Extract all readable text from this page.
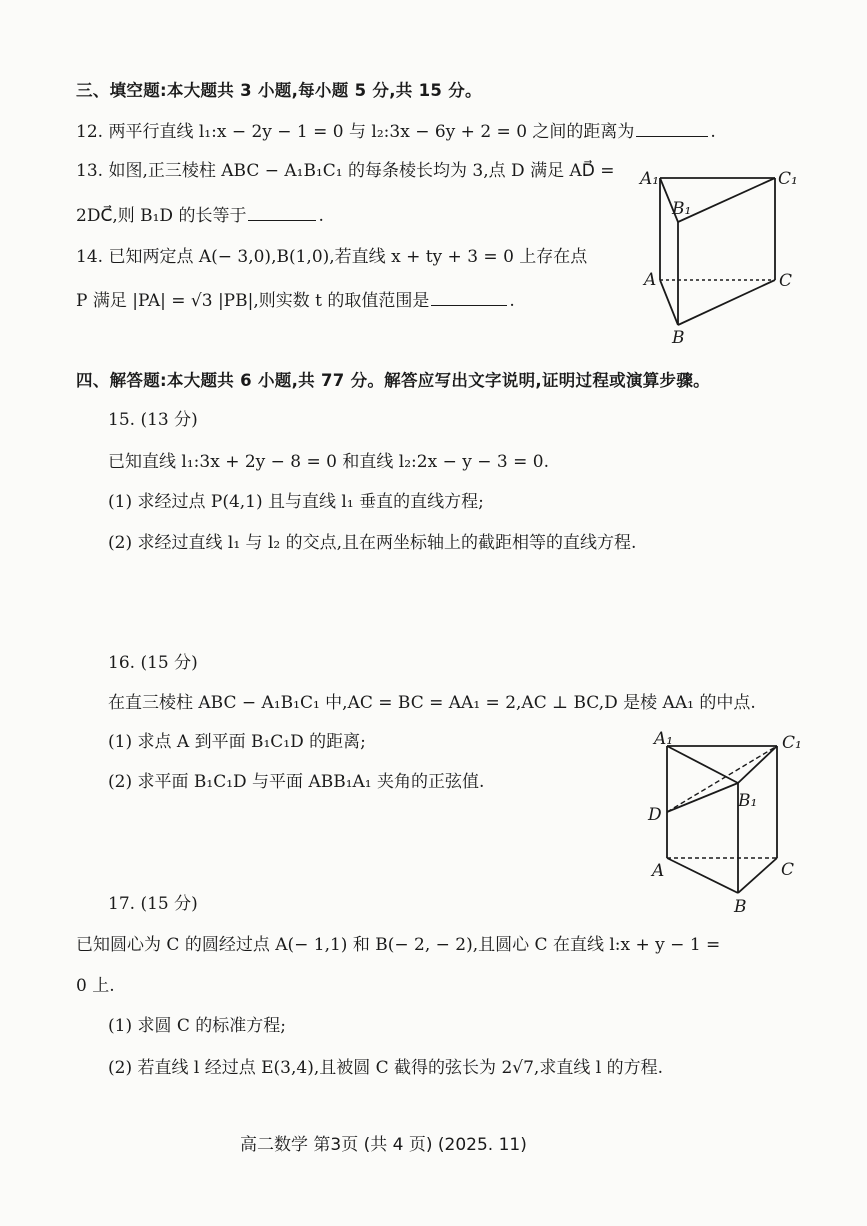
三、填空题:本大题共 3 小题,每小题 5 分,共 15 分。
12. 两平行直线 l₁:x − 2y − 1 = 0 与 l₂:3x − 6y + 2 = 0 之间的距离为	.
13. 如图,正三棱柱 ABC − A₁B₁C₁ 的每条棱长均为 3,点 D 满足 AD⃗ =
2DC⃗,则 B₁D 的长等于	.
14. 已知两定点 A(− 3,0),B(1,0),若直线 x + ty + 3 = 0 上存在点
P 满足 |PA| = √3 |PB|,则实数 t 的取值范围是	.
A₁
B₁
C₁
A	C
B
四、解答题:本大题共 6 小题,共 77 分。解答应写出文字说明,证明过程或演算步骤。
15. (13 分)
已知直线 l₁:3x + 2y − 8 = 0 和直线 l₂:2x − y − 3 = 0.
(1) 求经过点 P(4,1) 且与直线 l₁ 垂直的直线方程;
(2) 求经过直线 l₁ 与 l₂ 的交点,且在两坐标轴上的截距相等的直线方程.
16. (15 分)
在直三棱柱 ABC − A₁B₁C₁ 中,AC = BC = AA₁ = 2,AC ⊥ BC,D 是棱 AA₁ 的中点.
(1) 求点 A 到平面 B₁C₁D 的距离;
(2) 求平面 B₁C₁D 与平面 ABB₁A₁ 夹角的正弦值.
A₁	C₁
B₁
D
A	C
B
17. (15 分)
已知圆心为 C 的圆经过点 A(− 1,1) 和 B(− 2, − 2),且圆心 C 在直线 l:x + y − 1 =
0 上.
(1) 求圆 C 的标准方程;
(2) 若直线 l 经过点 E(3,4),且被圆 C 截得的弦长为 2√7,求直线 l 的方程.
高二数学 第3页 (共 4 页) (2025. 11)
